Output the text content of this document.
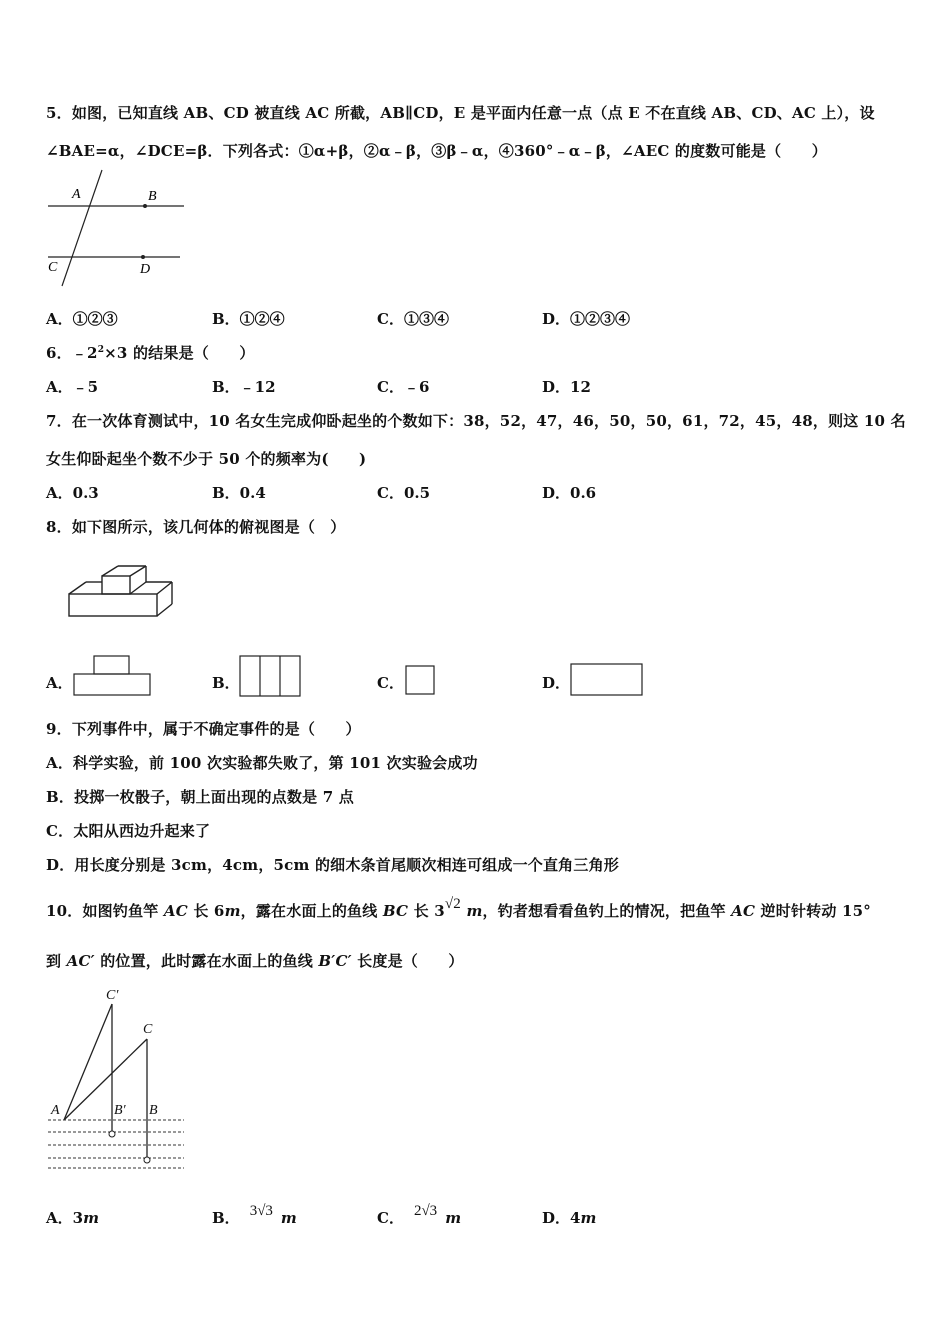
5．如图，已知直线 AB、CD 被直线 AC 所截，AB∥CD，E 是平面内任意一点（点 E 不在直线 AB、CD、AC 上），设
∠BAE=α，∠DCE=β．下列各式：①α+β，②α﹣β，③β﹣α，④360°﹣α﹣β，∠AEC 的度数可能是（　　）
A	B
C	D
A．①②③	B．①②④	C．①③④	D．①②③④
6．$﹣2^2\times 3$ 的结果是（　　）
A．﹣5	B．﹣12	C．﹣6	D．12
7．在一次体育测试中，10 名女生完成仰卧起坐的个数如下：38，52，47，46，50，50，61，72，45，48，则这 10 名
女生仰卧起坐个数不少于 50 个的频率为(　　)
A．0.3	B．0.4	C．0.5	D．0.6
8．如下图所示，该几何体的俯视图是（　）
A．	B．	C．	D．
9．下列事件中，属于不确定事件的是（　　）
A．科学实验，前 100 次实验都失败了，第 101 次实验会成功
B．投掷一枚骰子，朝上面出现的点数是 7 点
C．太阳从西边升起来了
D．用长度分别是 3cm，4cm，5cm 的细木条首尾顺次相连可组成一个直角三角形
10．如图钓鱼竿 AC 长 6m，露在水面上的鱼线 BC 长 3√2 m，钓者想看看鱼钓上的情况，把鱼竿 AC 逆时针转动 15°
到 AC′ 的位置，此时露在水面上的鱼线 B′C′ 长度是（　　）
C′
C
A	B′ B
A．3m	B． 3√3 m	C． 2√3 m	D．4m
